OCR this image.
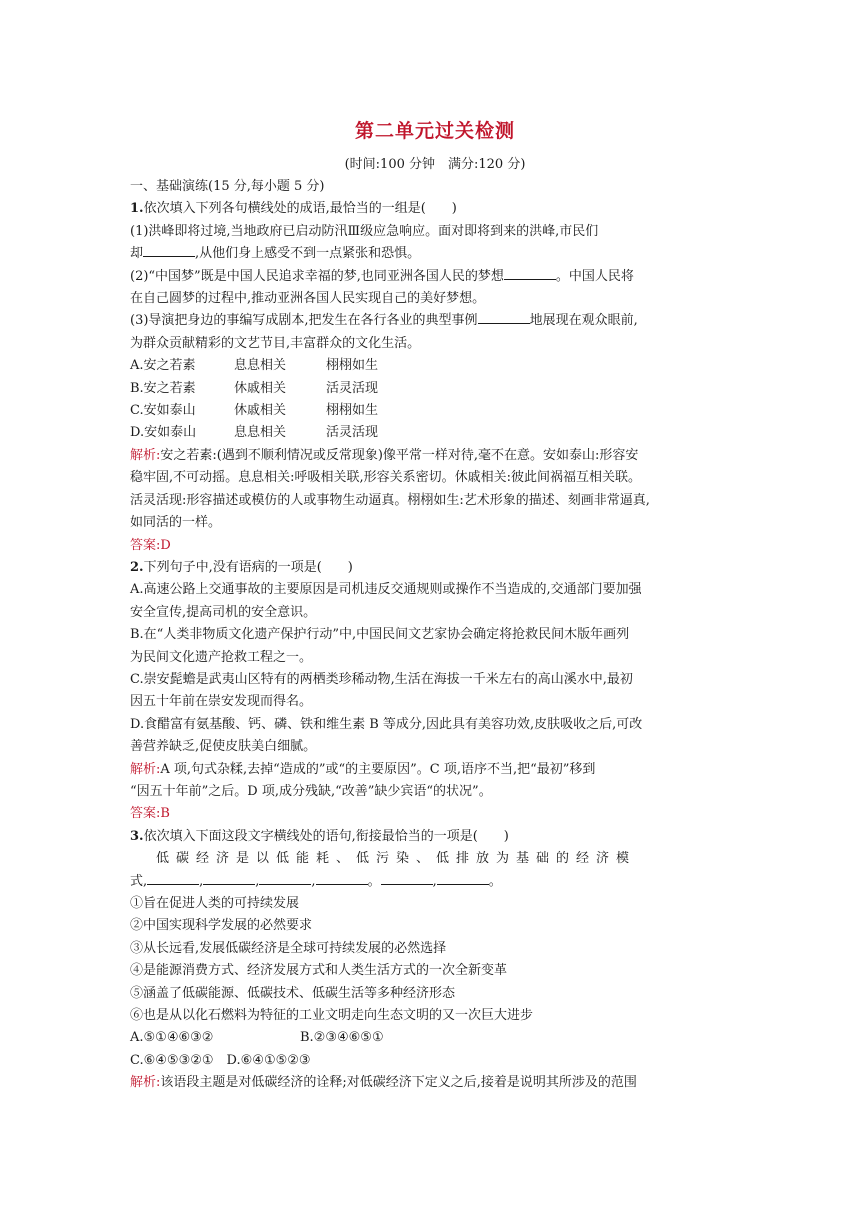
第二单元过关检测
(时间:100 分钟　满分:120 分)

一、基础演练(15 分,每小题 5 分)

1.依次填入下列各句横线处的成语,最恰当的一组是(　　)

(1)洪峰即将过境,当地政府已启动防汛Ⅲ级应急响应。面对即将到来的洪峰,市民们

却	,从他们身上感受不到一点紧张和恐惧。

(2)“中国梦”既是中国人民追求幸福的梦,也同亚洲各国人民的梦想	。中国人民将

在自己圆梦的过程中,推动亚洲各国人民实现自己的美好梦想。

(3)导演把身边的事编写成剧本,把发生在各行各业的典型事例	地展现在观众眼前,

为群众贡献精彩的文艺节目,丰富群众的文化生活。

A.安之若素	息息相关	栩栩如生
B.安之若素	休戚相关	活灵活现
C.安如泰山	休戚相关	栩栩如生
D.安如泰山	息息相关	活灵活现

解析:安之若素:(遇到不顺利情况或反常现象)像平常一样对待,毫不在意。安如泰山:形容安

稳牢固,不可动摇。息息相关:呼吸相关联,形容关系密切。休戚相关:彼此间祸福互相关联。

活灵活现:形容描述或模仿的人或事物生动逼真。栩栩如生:艺术形象的描述、刻画非常逼真,

如同活的一样。

答案:D

2.下列句子中,没有语病的一项是(　　)

A.高速公路上交通事故的主要原因是司机违反交通规则或操作不当造成的,交通部门要加强

安全宣传,提高司机的安全意识。

B.在“人类非物质文化遗产保护行动”中,中国民间文艺家协会确定将抢救民间木版年画列

为民间文化遗产抢救工程之一。

C.崇安髭蟾是武夷山区特有的两栖类珍稀动物,生活在海拔一千米左右的高山溪水中,最初

因五十年前在崇安发现而得名。

D.食醋富有氨基酸、钙、磷、铁和维生素 B 等成分,因此具有美容功效,皮肤吸收之后,可改

善营养缺乏,促使皮肤美白细腻。

解析:A 项,句式杂糅,去掉“造成的”或“的主要原因”。C 项,语序不当,把“最初”移到

“因五十年前”之后。D 项,成分残缺,“改善”缺少宾语“的状况”。

答案:B

3.依次填入下面这段文字横线处的语句,衔接最恰当的一项是(　　)

低碳经济是以低能耗、低污染、低排放为基础的经济模

式,	,	,	,	。	,	。

①旨在促进人类的可持续发展

②中国实现科学发展的必然要求

③从长远看,发展低碳经济是全球可持续发展的必然选择

④是能源消费方式、经济发展方式和人类生活方式的一次全新变革

⑤涵盖了低碳能源、低碳技术、低碳生活等多种经济形态

⑥也是从以化石燃料为特征的工业文明走向生态文明的又一次巨大进步

A.⑤①④⑥③②	B.②③④⑥⑤①

C.⑥④⑤③②①　D.⑥④①⑤②③

解析:该语段主题是对低碳经济的诠释;对低碳经济下定义之后,接着是说明其所涉及的范围
